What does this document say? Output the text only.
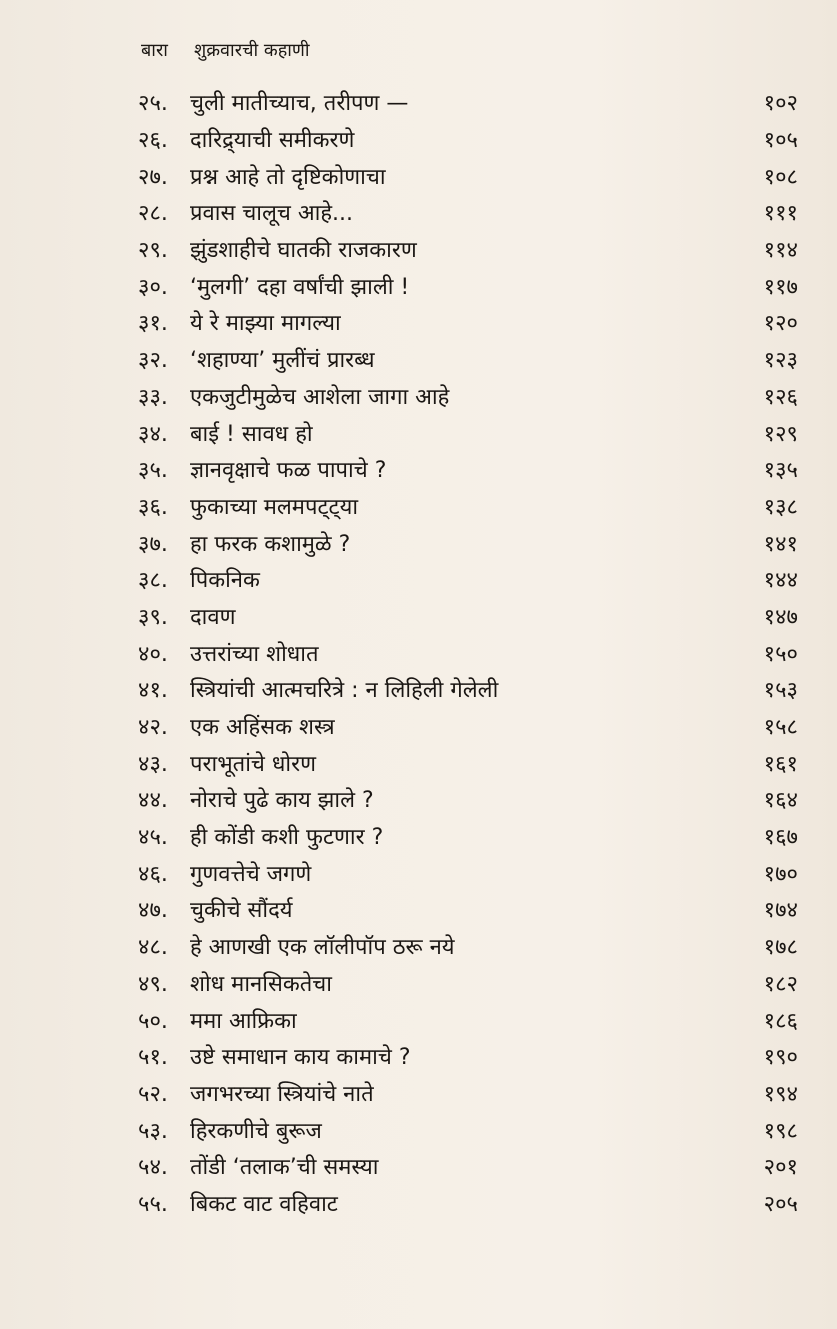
बारा शुक्रवारची कहाणी
२५.	चुली मातीच्याच, तरीपण —	१०२
२६.	दारिद्र्याची समीकरणे	१०५
२७.	प्रश्न आहे तो दृष्टिकोणाचा	१०८
२८.	प्रवास चालूच आहे...	१११
२९.	झुंडशाहीचे घातकी राजकारण	११४
३०.	‘मुलगी’ दहा वर्षांची झाली !	११७
३१.	ये रे माझ्या मागल्या	१२०
३२.	‘शहाण्या’ मुलींचं प्रारब्ध	१२३
३३.	एकजुटीमुळेच आशेला जागा आहे	१२६
३४.	बाई ! सावध हो	१२९
३५.	ज्ञानवृक्षाचे फळ पापाचे ?	१३५
३६.	फुकाच्या मलमपट्ट्या	१३८
३७.	हा फरक कशामुळे ?	१४१
३८.	पिकनिक	१४४
३९.	दावण	१४७
४०.	उत्तरांच्या शोधात	१५०
४१.	स्त्रियांची आत्मचरित्रे : न लिहिली गेलेली	१५३
४२.	एक अहिंसक शस्त्र	१५८
४३.	पराभूतांचे धोरण	१६१
४४.	नोराचे पुढे काय झाले ?	१६४
४५.	ही कोंडी कशी फुटणार ?	१६७
४६.	गुणवत्तेचे जगणे	१७०
४७.	चुकीचे सौंदर्य	१७४
४८.	हे आणखी एक लॉलीपॉप ठरू नये	१७८
४९.	शोध मानसिकतेचा	१८२
५०.	ममा आफ्रिका	१८६
५१.	उष्टे समाधान काय कामाचे ?	१९०
५२.	जगभरच्या स्त्रियांचे नाते	१९४
५३.	हिरकणीचे बुरूज	१९८
५४.	तोंडी ‘तलाक’ची समस्या	२०१
५५.	बिकट वाट वहिवाट	२०५
